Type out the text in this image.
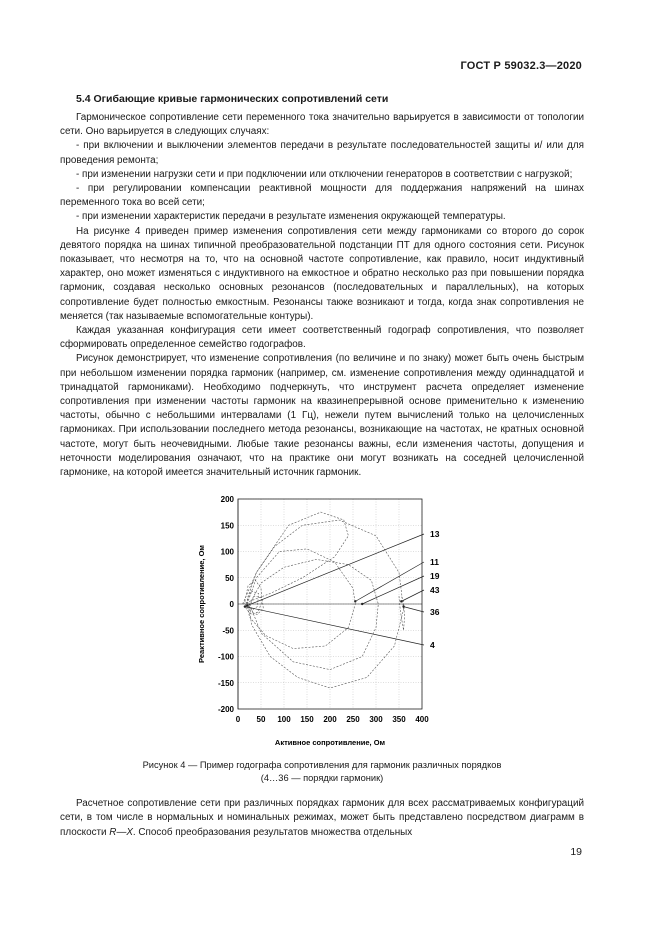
ГОСТ Р 59032.3—2020
5.4 Огибающие кривые гармонических сопротивлений сети

Гармоническое сопротивление сети переменного тока значительно варьируется в зависимости от топологии сети. Оно варьируется в следующих случаях:

- при включении и выключении элементов передачи в результате последовательностей защиты и/ или для проведения ремонта;

- при изменении нагрузки сети и при подключении или отключении генераторов в соответствии с нагрузкой;

- при регулировании компенсации реактивной мощности для поддержания напряжений на шинах переменного тока во всей сети;

- при изменении характеристик передачи в результате изменения окружающей температуры.

На рисунке 4 приведен пример изменения сопротивления сети между гармониками со второго до сорок девятого порядка на шинах типичной преобразовательной подстанции ПТ для одного состояния сети. Рисунок показывает, что несмотря на то, что на основной частоте сопротивление, как правило, носит индуктивный характер, оно может изменяться с индуктивного на емкостное и обратно несколько раз при повышении порядка гармоник, создавая несколько основных резонансов (последовательных и параллельных), на которых сопротивление будет полностью емкостным. Резонансы также возникают и тогда, когда знак сопротивления не меняется (так называемые вспомогательные контуры).

Каждая указанная конфигурация сети имеет соответственный годограф сопротивления, что позволяет сформировать определенное семейство годографов.

Рисунок демонстрирует, что изменение сопротивления (по величине и по знаку) может быть очень быстрым при небольшом изменении порядка гармоник (например, см. изменение сопротивления между одиннадцатой и тринадцатой гармониками). Необходимо подчеркнуть, что инструмент расчета определяет изменение сопротивления при изменении частоты гармоник на квазинепрерывной основе применительно к изменению частоты, обычно с небольшими интервалами (1 Гц), нежели путем вычислений только на целочисленных гармониках. При использовании последнего метода резонансы, возникающие на частотах, не кратных основной частоте, могут быть неочевидными. Любые такие резонансы важны, если изменения частоты, допущения и неточности моделирования означают, что на практике они могут возникать на соседней целочисленной гармонике, на которой имеется значительный источник гармоник.

0 50 100 150 200 250 300 350 400
200
150
100
50
0
-50
-100
-150
-200
Активное сопротивление, Ом
Реактивное сопротивление, Ом
13
11
19
43
36
4
Рисунок 4 — Пример годографа сопротивления для гармоник различных порядков
(4…36 — порядки гармоник)

Расчетное сопротивление сети при различных порядках гармоник для всех рассматриваемых конфигураций сети, в том числе в нормальных и номинальных режимах, может быть представлено посредством диаграмм в плоскости R—X. Способ преобразования результатов множества отдельных

19
